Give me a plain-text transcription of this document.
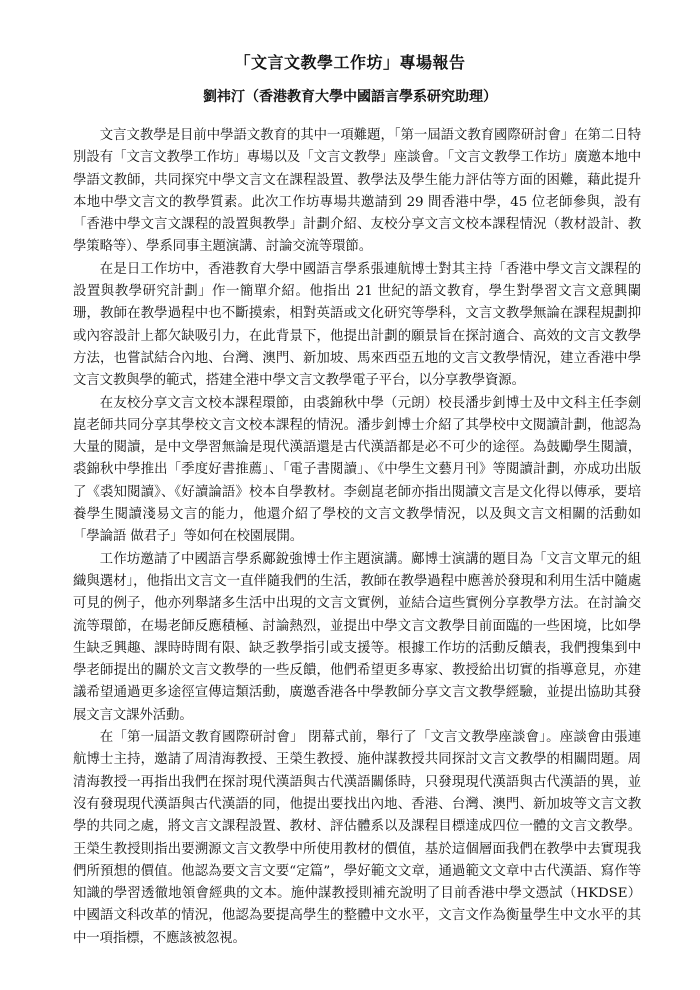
「文言文教學工作坊」專場報告
劉祎汀（香港教育大學中國語言學系研究助理）

文言文教學是目前中學語文教育的其中一項難題，「第一屆語文教育國際研討會」在第二日特別設有「文言文教學工作坊」專場以及「文言文教學」座談會。「文言文教學工作坊」廣邀本地中學語文教師，共同探究中學文言文在課程設置、教學法及學生能力評估等方面的困難，藉此提升本地中學文言文的教學質素。此次工作坊專場共邀請到 29 間香港中學，45 位老師參與，設有「香港中學文言文課程的設置與教學」計劃介紹、友校分享文言文校本課程情況（教材設計、教學策略等）、學系同事主題演講、討論交流等環節。

在是日工作坊中，香港教育大學中國語言學系張連航博士對其主持「香港中學文言文課程的設置與教學研究計劃」作一簡單介紹。他指出 21 世紀的語文教育，學生對學習文言文意興闌珊，教師在教學過程中也不斷摸索，相對英語或文化研究等學科，文言文教學無論在課程規劃抑或內容設計上都欠缺吸引力，在此背景下，他提出計劃的願景旨在探討適合、高效的文言文教學方法，也嘗試結合內地、台灣、澳門、新加坡、馬來西亞五地的文言文教學情況，建立香港中學文言文教與學的範式，搭建全港中學文言文教學電子平台，以分享教學資源。

在友校分享文言文校本課程環節，由裘錦秋中學（元朗）校長潘步釗博士及中文科主任李劍崑老師共同分享其學校文言文校本課程的情況。潘步釗博士介紹了其學校中文閱讀計劃，他認為大量的閱讀，是中文學習無論是現代漢語還是古代漢語都是必不可少的途徑。為鼓勵學生閱讀，裘錦秋中學推出「季度好書推薦」、「電子書閱讀」、《中學生文藝月刊》等閱讀計劃，亦成功出版了《裘知閱讀》、《好讀論語》校本自學教材。李劍崑老師亦指出閱讀文言是文化得以傳承，要培養學生閱讀淺易文言的能力，他還介紹了學校的文言文教學情況，以及與文言文相關的活動如「學論語 做君子」等如何在校園展開。

工作坊邀請了中國語言學系鄺銳強博士作主題演講。鄺博士演講的題目為「文言文單元的組織與選材」，他指出文言文一直伴隨我們的生活，教師在教學過程中應善於發現和利用生活中隨處可見的例子，他亦列舉諸多生活中出現的文言文實例，並結合這些實例分享教學方法。在討論交流等環節，在場老師反應積極、討論熱烈，並提出中學文言文教學目前面臨的一些困境，比如學生缺乏興趣、課時時間有限、缺乏教學指引或支援等。根據工作坊的活動反饋表，我們搜集到中學老師提出的關於文言文教學的一些反饋，他們希望更多專家、教授給出切實的指導意見，亦建議希望通過更多途徑宣傳這類活動，廣邀香港各中學教師分享文言文教學經驗，並提出協助其發展文言文課外活動。

在「第一屆語文教育國際研討會」 閉幕式前，舉行了「文言文教學座談會」。座談會由張連航博士主持，邀請了周清海教授、王榮生教授、施仲謀教授共同探討文言文教學的相關問題。周清海教授一再指出我們在探討現代漢語與古代漢語關係時，只發現現代漢語與古代漢語的異，並沒有發現現代漢語與古代漢語的同，他提出要找出內地、香港、台灣、澳門、新加坡等文言文教學的共同之處，將文言文課程設置、教材、評估體系以及課程目標達成四位一體的文言文教學。王榮生教授則指出要溯源文言文教學中所使用教材的價值，基於這個層面我們在教學中去實現我們所預想的價值。他認為要文言文要“定篇”，學好範文文章，通過範文文章中古代漢語、寫作等知識的學習透徹地領會經典的文本。施仲謀教授則補充說明了目前香港中學文憑試（HKDSE）中國語文科改革的情況，他認為要提高學生的整體中文水平，文言文作為衡量學生中文水平的其中一項指標，不應該被忽視。
